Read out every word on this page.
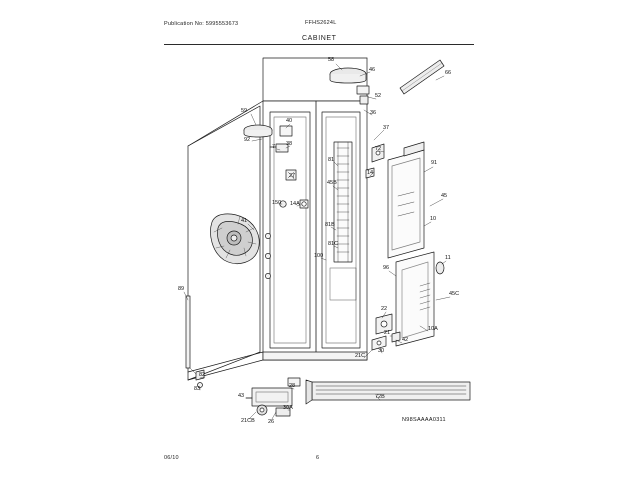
Publication No: 5995553673	FFHS2624L
CABINET
58
46	66
52
36
59
40
37
92
38
7	72
81	91
14
27
45
45B
150 14A
10
81B
41
81C
100	11
96
45C
89
22
10A
21
42
30
21C
82
72B
83	28
43
30A
21CB 26	N98SAAAA0311
06/10	6
